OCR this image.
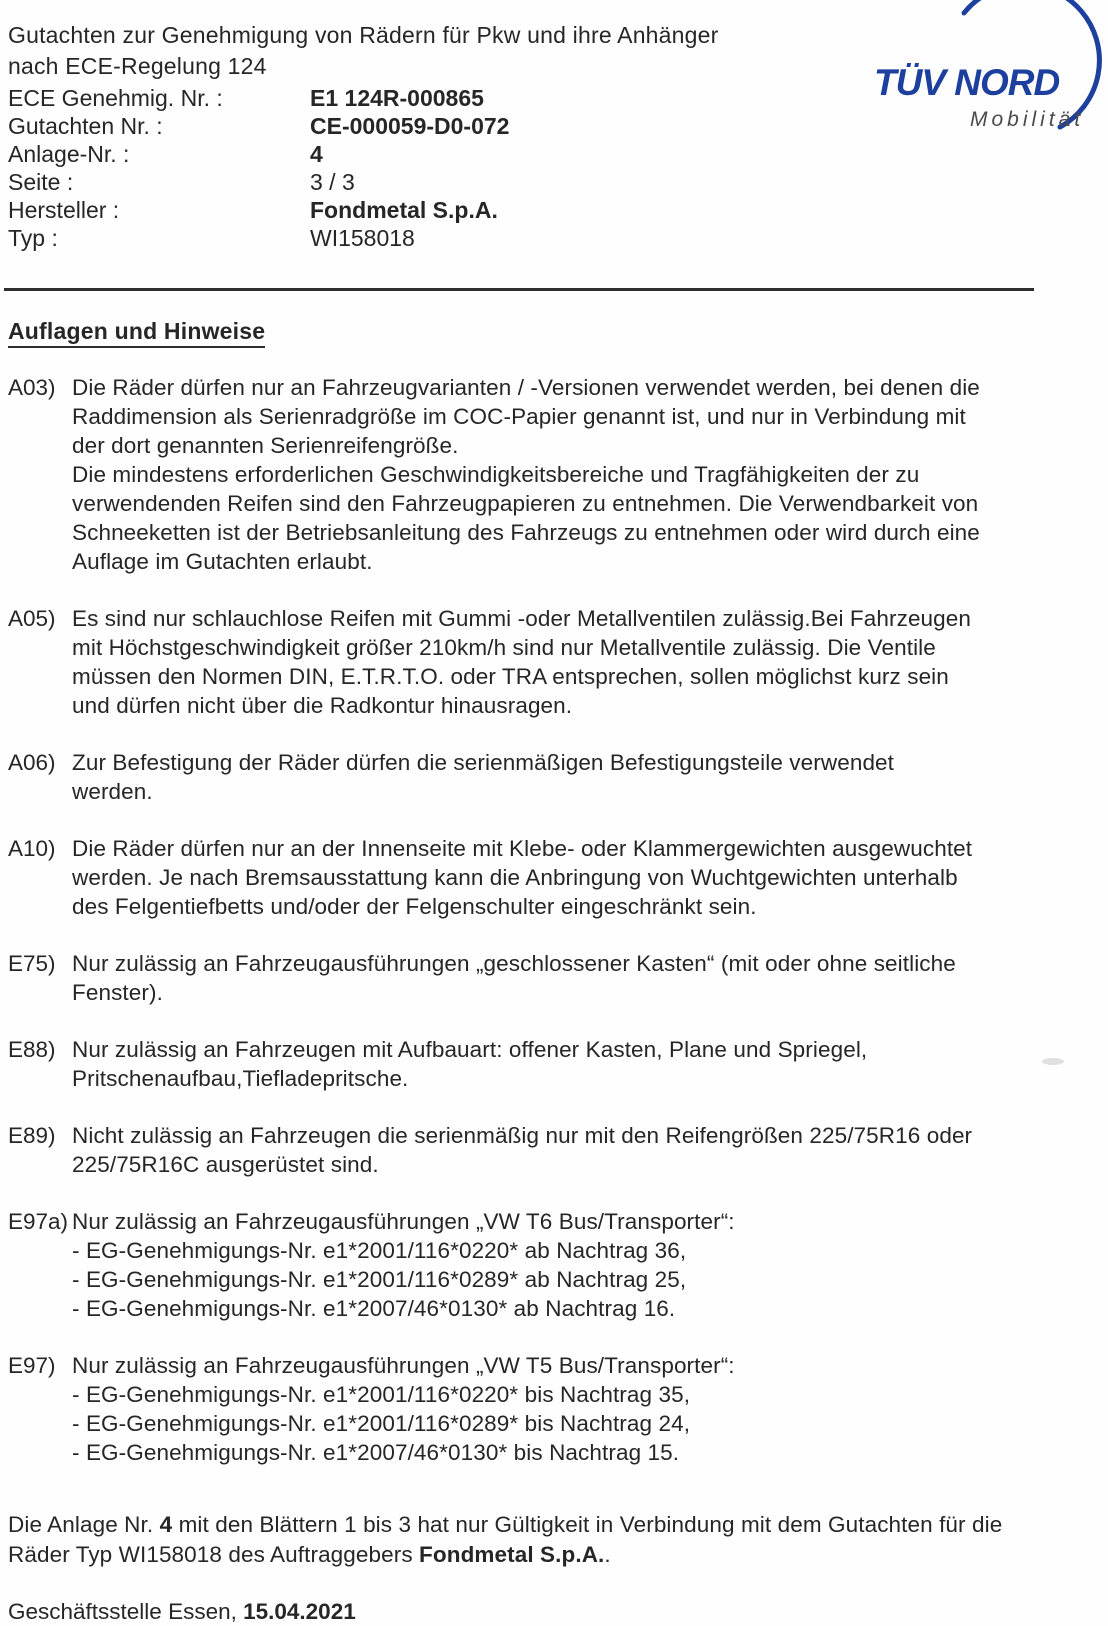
Gutachten zur Genehmigung von Rädern für Pkw und ihre Anhänger
nach ECE-Regelung 124
ECE Genehmig. Nr. :	E1 124R-000865
Gutachten Nr. :	CE-000059-D0-072
Anlage-Nr. :	4
Seite :	3 / 3
Hersteller :	Fondmetal S.p.A.
Typ :	WI158018
TÜV NORD
Mobilität
Auflagen und Hinweise
A03) Die Räder dürfen nur an Fahrzeugvarianten / -Versionen verwendet werden, bei denen die
Raddimension als Serienradgröße im COC-Papier genannt ist, und nur in Verbindung mit
der dort genannten Serienreifengröße.
Die mindestens erforderlichen Geschwindigkeitsbereiche und Tragfähigkeiten der zu
verwendenden Reifen sind den Fahrzeugpapieren zu entnehmen. Die Verwendbarkeit von
Schneeketten ist der Betriebsanleitung des Fahrzeugs zu entnehmen oder wird durch eine
Auflage im Gutachten erlaubt.
A05) Es sind nur schlauchlose Reifen mit Gummi -oder Metallventilen zulässig.Bei Fahrzeugen
mit Höchstgeschwindigkeit größer 210km/h sind nur Metallventile zulässig. Die Ventile
müssen den Normen DIN, E.T.R.T.O. oder TRA entsprechen, sollen möglichst kurz sein
und dürfen nicht über die Radkontur hinausragen.
A06) Zur Befestigung der Räder dürfen die serienmäßigen Befestigungsteile verwendet
werden.
A10) Die Räder dürfen nur an der Innenseite mit Klebe- oder Klammergewichten ausgewuchtet
werden. Je nach Bremsausstattung kann die Anbringung von Wuchtgewichten unterhalb
des Felgentiefbetts und/oder der Felgenschulter eingeschränkt sein.
E75) Nur zulässig an Fahrzeugausführungen „geschlossener Kasten“ (mit oder ohne seitliche
Fenster).
E88) Nur zulässig an Fahrzeugen mit Aufbauart: offener Kasten, Plane und Spriegel,
Pritschenaufbau,Tiefladepritsche.
E89) Nicht zulässig an Fahrzeugen die serienmäßig nur mit den Reifengrößen 225/75R16 oder
225/75R16C ausgerüstet sind.
E97a) Nur zulässig an Fahrzeugausführungen „VW T6 Bus/Transporter“:
- EG-Genehmigungs-Nr. e1*2001/116*0220* ab Nachtrag 36,
- EG-Genehmigungs-Nr. e1*2001/116*0289* ab Nachtrag 25,
- EG-Genehmigungs-Nr. e1*2007/46*0130* ab Nachtrag 16.
E97) Nur zulässig an Fahrzeugausführungen „VW T5 Bus/Transporter“:
- EG-Genehmigungs-Nr. e1*2001/116*0220* bis Nachtrag 35,
- EG-Genehmigungs-Nr. e1*2001/116*0289* bis Nachtrag 24,
- EG-Genehmigungs-Nr. e1*2007/46*0130* bis Nachtrag 15.
Die Anlage Nr. 4 mit den Blättern 1 bis 3 hat nur Gültigkeit in Verbindung mit dem Gutachten für die Räder Typ WI158018 des Auftraggebers Fondmetal S.p.A..
Geschäftsstelle Essen, 15.04.2021
